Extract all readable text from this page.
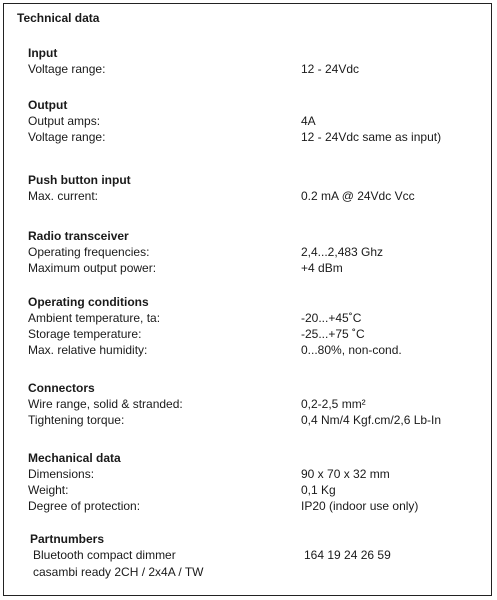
Technical data
Input
Voltage range:	12 - 24Vdc
Output
Output amps:	4A
Voltage range:	12 - 24Vdc same as input)
Push button input
Max. current:	0.2 mA @ 24Vdc Vcc
Radio transceiver
Operating frequencies:	2,4...2,483 Ghz
Maximum output power:	+4 dBm
Operating conditions
Ambient temperature, ta:	-20...+45˚C
Storage temperature:	-25...+75 ˚C
Max. relative humidity:	0...80%, non-cond.
Connectors
Wire range, solid & stranded:	0,2-2,5 mm²
Tightening torque:	0,4 Nm/4 Kgf.cm/2,6 Lb-In
Mechanical data
Dimensions:	90 x 70 x 32 mm
Weight:	0,1 Kg
Degree of protection:	IP20 (indoor use only)
Partnumbers
Bluetooth compact dimmer	164 19 24 26 59
casambi ready 2CH / 2x4A / TW
